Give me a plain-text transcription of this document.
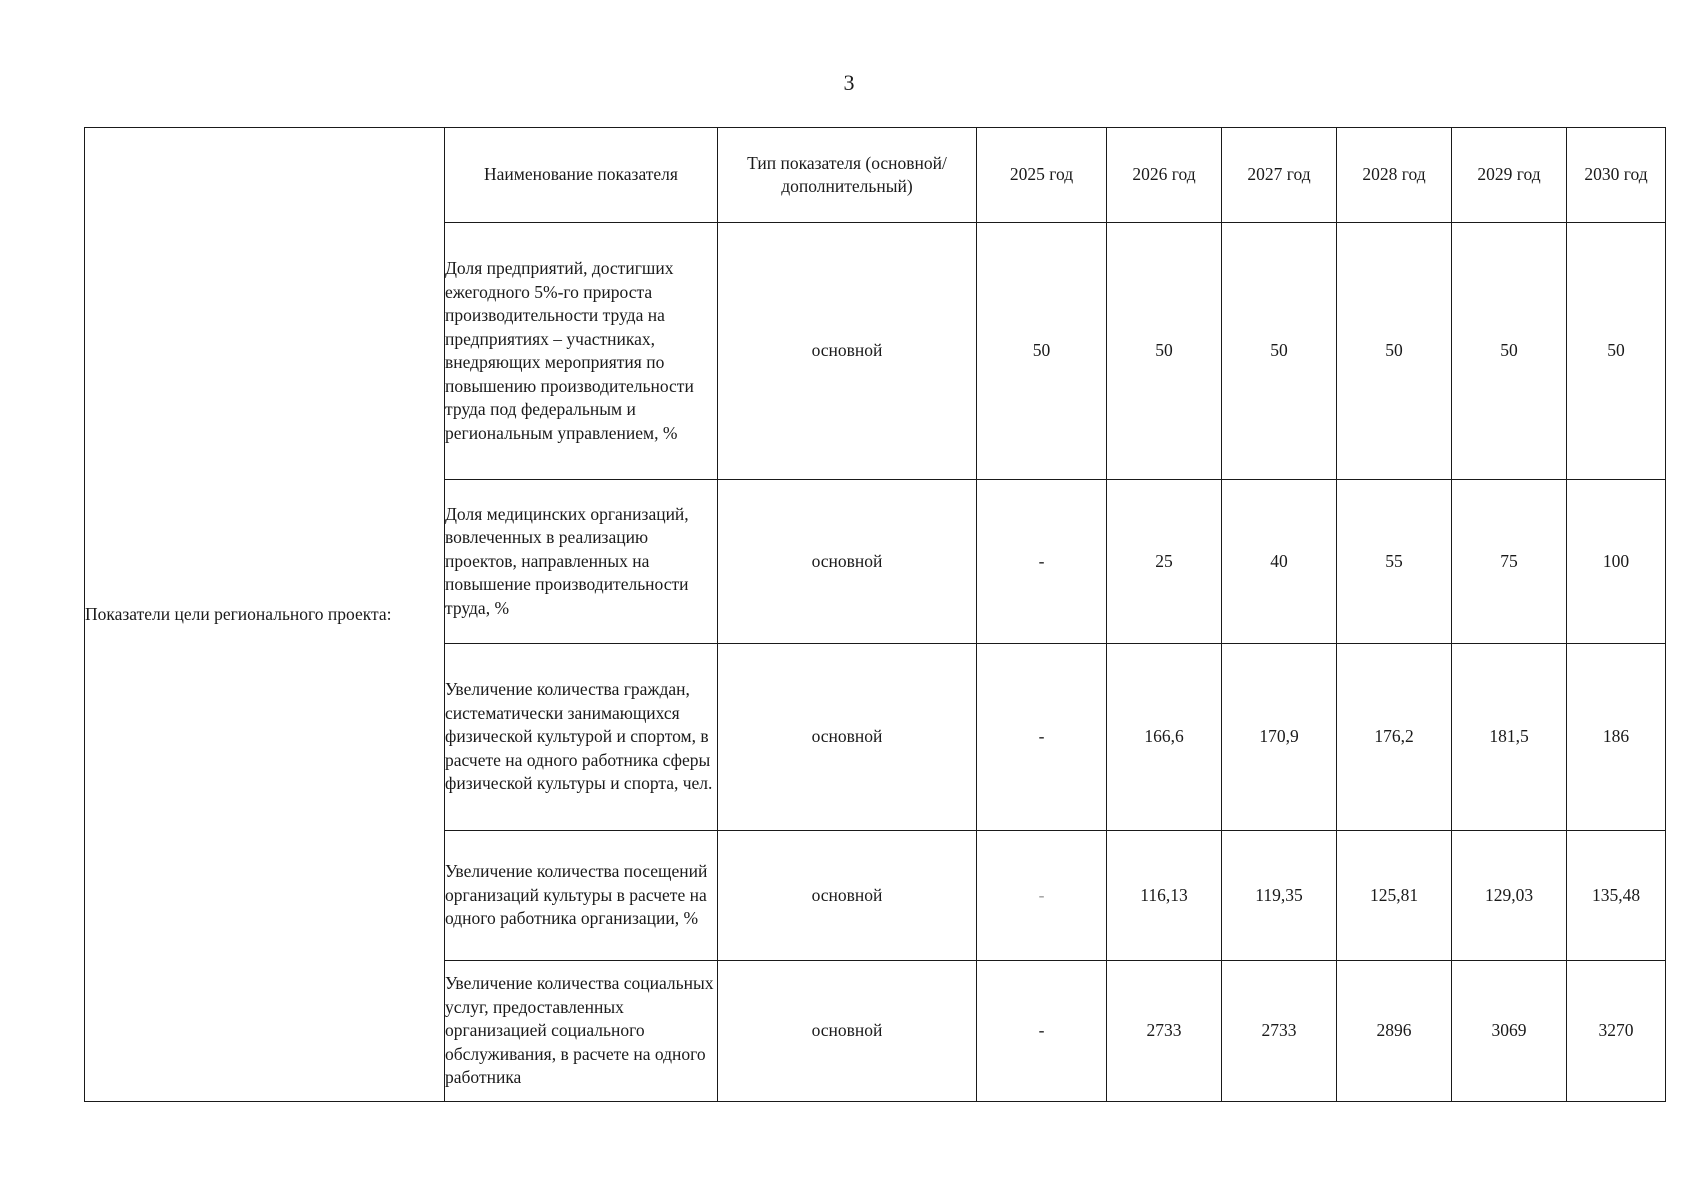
3
Показатели цели регионального проекта:	Наименование показателя	Тип показателя (основной/ дополнительный)	2025 год	2026 год	2027 год	2028 год	2029 год	2030 год
	Доля предприятий, достигших ежегодного 5%-го прироста производительности труда на предприятиях – участниках, внедряющих мероприятия по повышению производительности труда под федеральным и региональным управлением, %	основной	50	50	50	50	50	50
	Доля медицинских организаций, вовлеченных в реализацию проектов, направленных на повышение производительности труда, %	основной	-	25	40	55	75	100
	Увеличение количества граждан, систематически занимающихся физической культурой и спортом, в расчете на одного работника сферы физической культуры и спорта, чел.	основной	-	166,6	170,9	176,2	181,5	186
	Увеличение количества посещений организаций культуры в расчете на одного работника организации, %	основной	-	116,13	119,35	125,81	129,03	135,48
	Увеличение количества социальных услуг, предоставленных организацией социального обслуживания, в расчете на одного работника	основной	-	2733	2733	2896	3069	3270
